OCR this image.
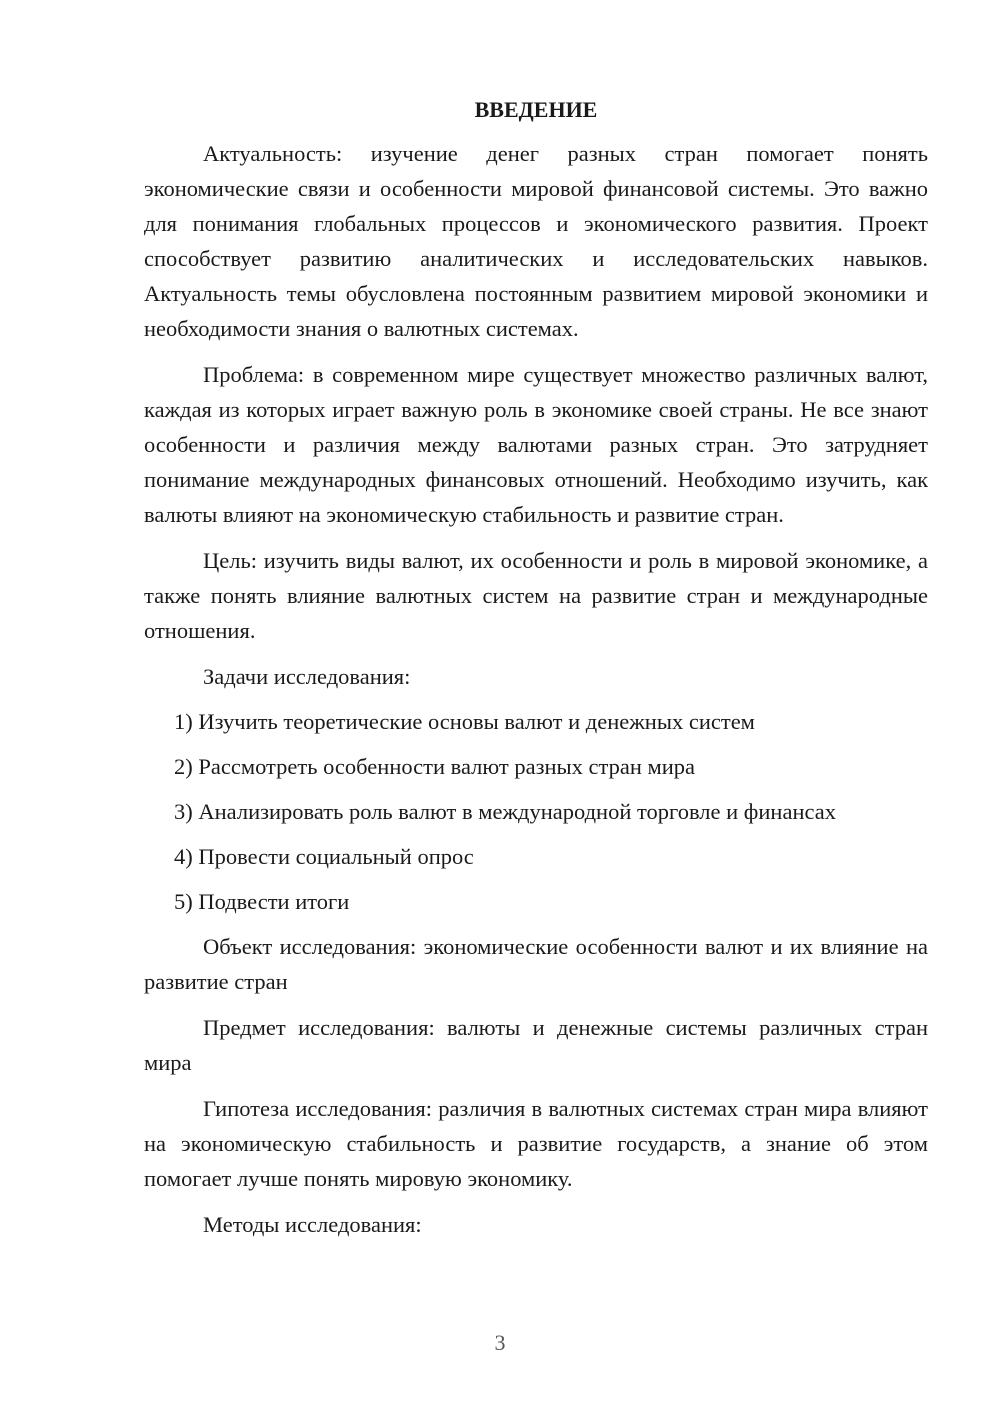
ВВЕДЕНИЕ

Актуальность: изучение денег разных стран помогает понять экономические связи и особенности мировой финансовой системы. Это важно для понимания глобальных процессов и экономического развития. Проект способствует развитию аналитических и исследовательских навыков. Актуальность темы обусловлена постоянным развитием мировой экономики и необходимости знания о валютных системах.

Проблема: в современном мире существует множество различных валют, каждая из которых играет важную роль в экономике своей страны. Не все знают особенности и различия между валютами разных стран. Это затрудняет понимание международных финансовых отношений. Необходимо изучить, как валюты влияют на экономическую стабильность и развитие стран.

Цель: изучить виды валют, их особенности и роль в мировой экономике, а также понять влияние валютных систем на развитие стран и международные отношения.

Задачи исследования:
1) Изучить теоретические основы валют и денежных систем
2) Рассмотреть особенности валют разных стран мира
3) Анализировать роль валют в международной торговле и финансах
4) Провести социальный опрос
5) Подвести итоги

Объект исследования: экономические особенности валют и их влияние на развитие стран

Предмет исследования: валюты и денежные системы различных стран мира

Гипотеза исследования: различия в валютных системах стран мира влияют на экономическую стабильность и развитие государств, а знание об этом помогает лучше понять мировую экономику.

Методы исследования:

3
